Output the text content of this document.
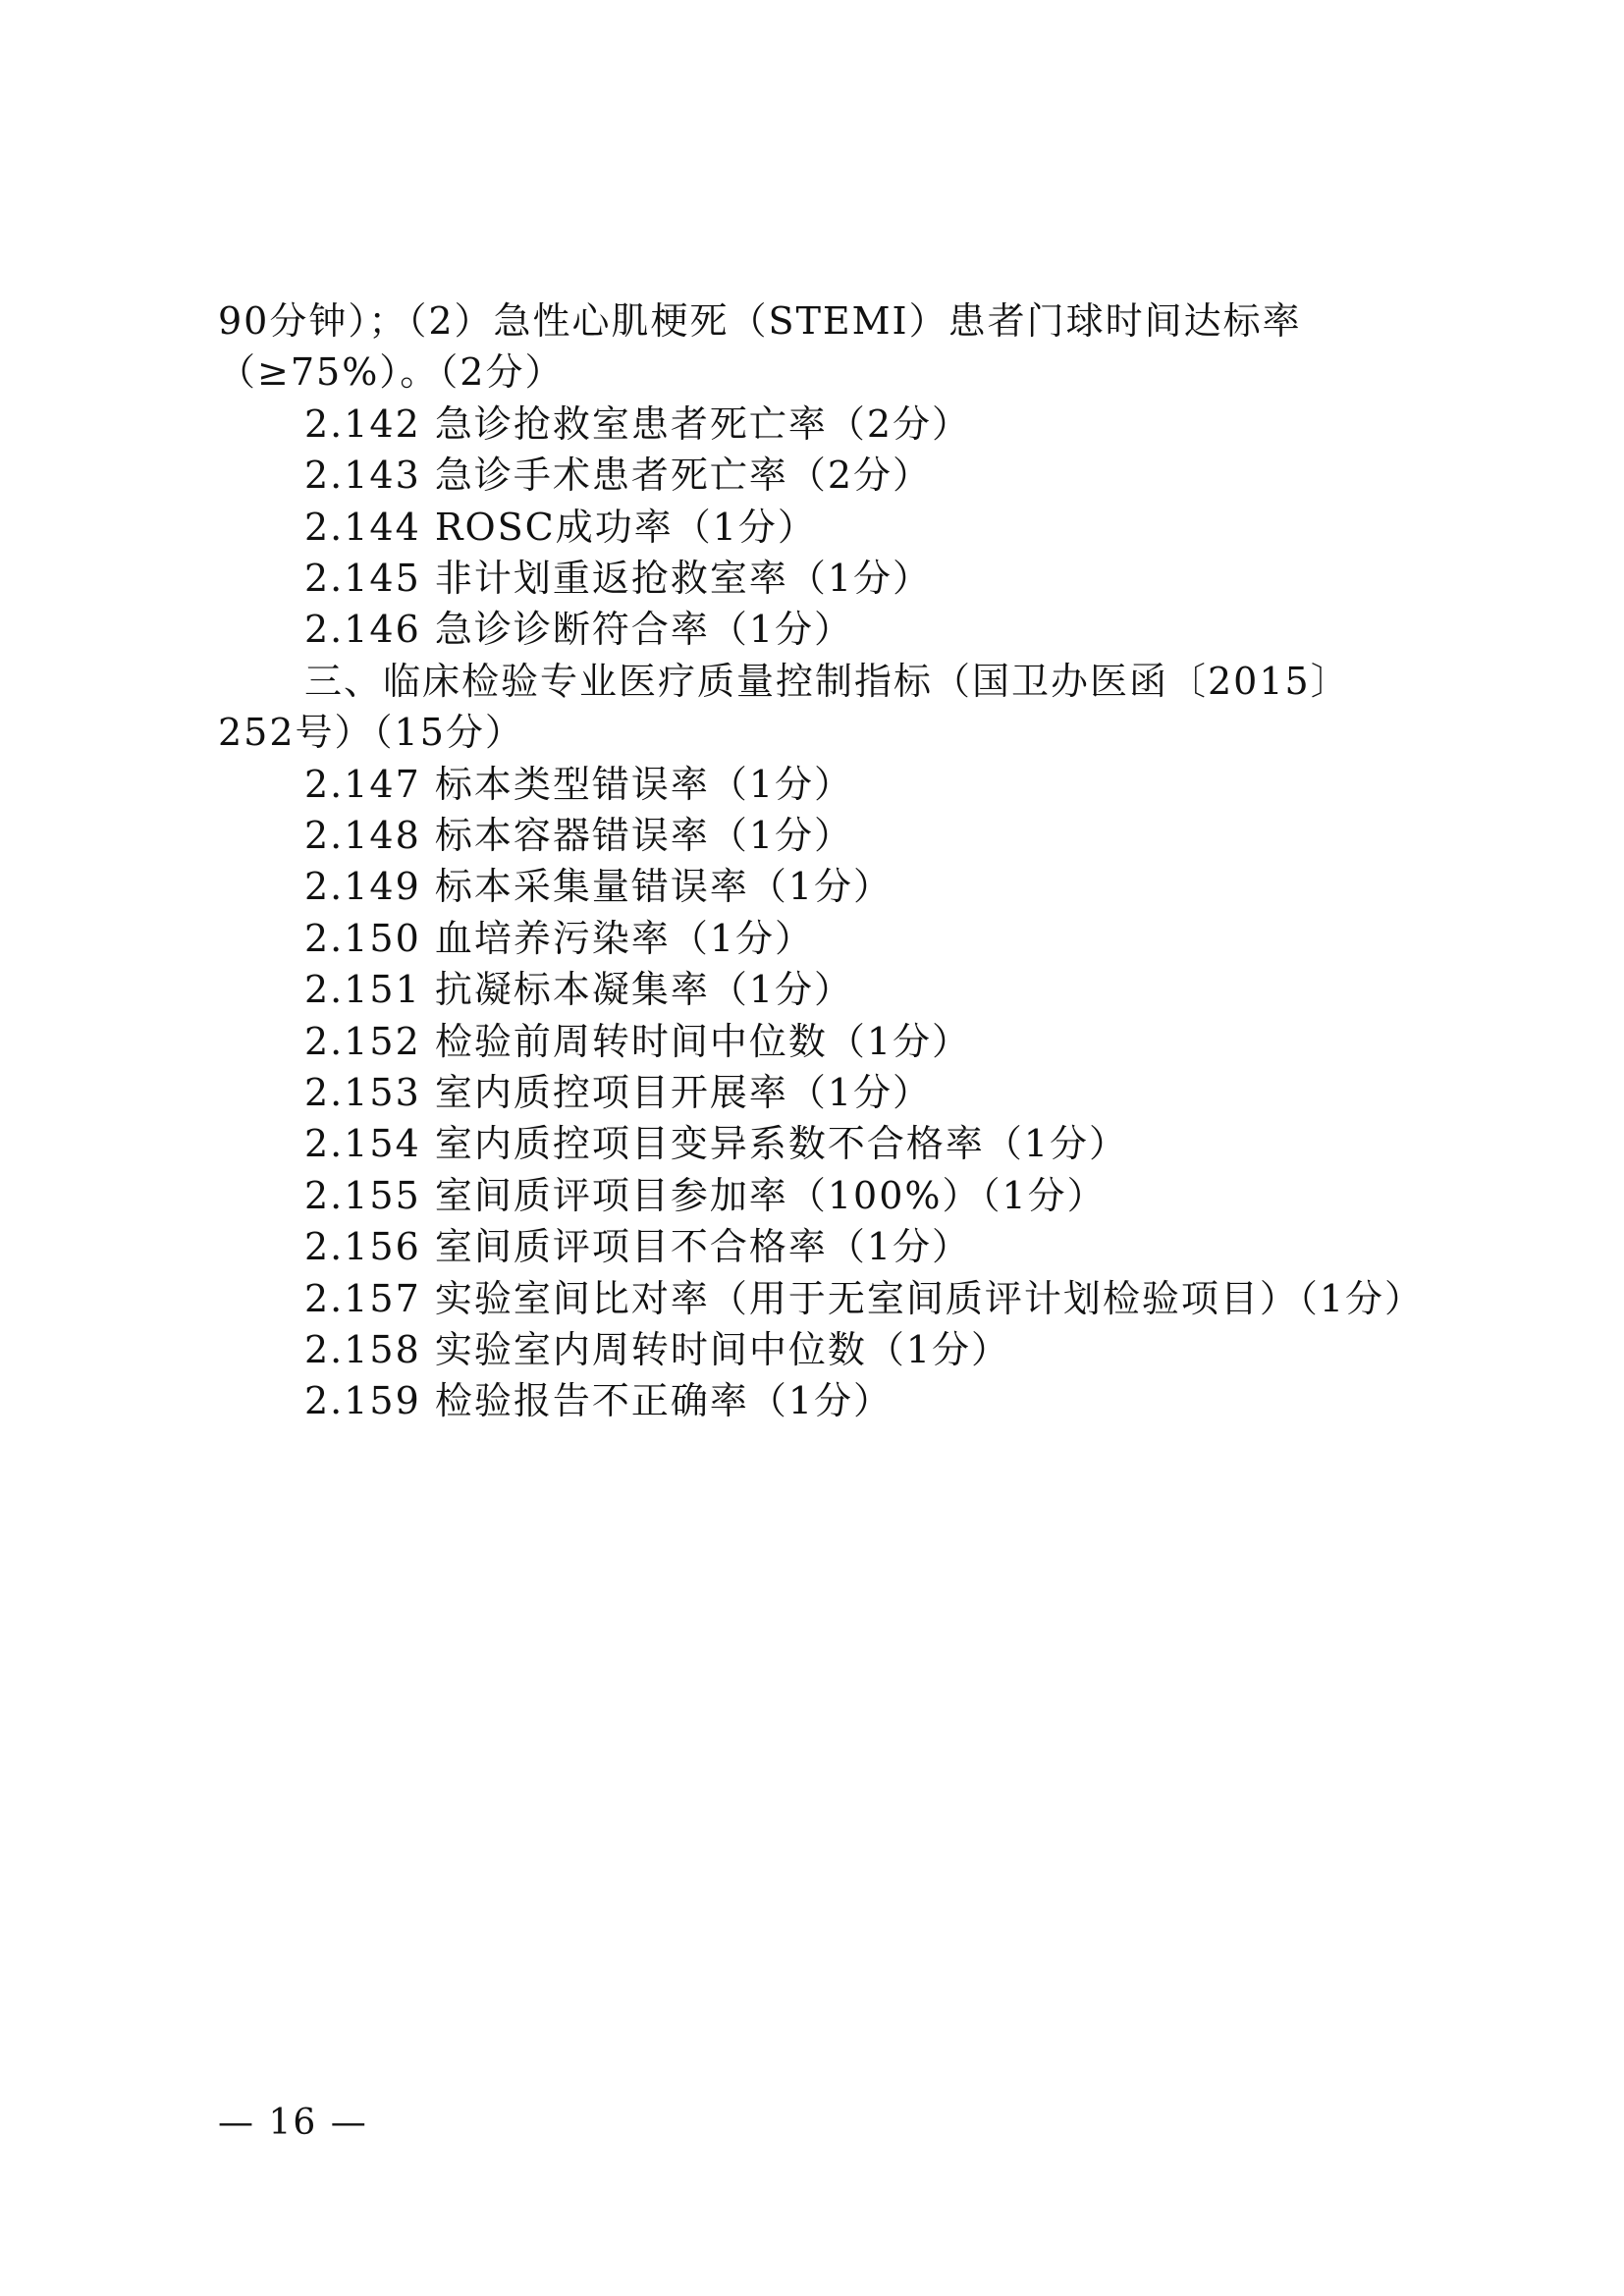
90分钟）；（2）急性心肌梗死（STEMI）患者门球时间达标率
（≥75%）。（2分）
2.142 急诊抢救室患者死亡率（2分）
2.143 急诊手术患者死亡率（2分）
2.144 ROSC成功率（1分）
2.145 非计划重返抢救室率（1分）
2.146 急诊诊断符合率（1分）
三、临床检验专业医疗质量控制指标（国卫办医函〔2015〕
252号）（15分）
2.147 标本类型错误率（1分）
2.148 标本容器错误率（1分）
2.149 标本采集量错误率（1分）
2.150 血培养污染率（1分）
2.151 抗凝标本凝集率（1分）
2.152 检验前周转时间中位数（1分）
2.153 室内质控项目开展率（1分）
2.154 室内质控项目变异系数不合格率（1分）
2.155 室间质评项目参加率（100%）（1分）
2.156 室间质评项目不合格率（1分）
2.157 实验室间比对率（用于无室间质评计划检验项目）（1分）
2.158 实验室内周转时间中位数（1分）
2.159 检验报告不正确率（1分）
— 16 —
